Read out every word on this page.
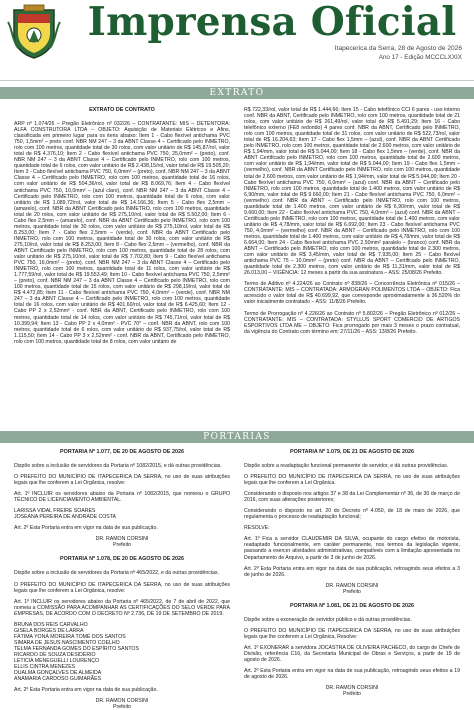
Imprensa Oficial
Itapecerica da Serra, 28 de Agosto de 2026
Ano 17 - Edição MCCCLXXIX
EXTRATO

EXTRATO DE CONTRATO

ARP nº 1.074/26 – Pregão Eletrônico nº 032/26 – CONTRATANTE: MIS – DETENTORA: ALFA CONSTRUTORA LTDA – OBJETO: Aquisição de Materiais Elétricos e Afins, classificada em primeiro lugar para os itens abaixo: Item 1 - Cabo flexível antichama PVC 750, 1,5mm² – preto conf. NBR NM 247 – 3 da ABNT Classe 4 – Certificado pelo INMETRO, rolo com 100 metros, quantidade total de 30 rolos, com valor unitário de R$ 145,87/rol, valor total de R$ 4.376,10; Item 2 - Cabo flexível antichama PVC 750, 25,0mm² – (preto), conf. NBR NM 247 – 3 da ABNT Classe 4 – Certificado pelo INMETRO, rolo com 100 metros, quantidade total de 6 rolos, com valor unitário de R$ 2.438,15/rol, valor total de R$ 19.505,20; Item 3 - Cabo flexível antichama PVC 750, 6,0mm² – (preto), conf. NBR NM 247 – 3 da ABNT Classe 4 – Certificado pelo INMETRO, rolo com 100 metros, quantidade total de 16 rolos, com valor unitário de R$ 504,36/rol, valor total de R$ 8.069,76; Item 4 - Cabo flexível antichama PVC 750, 10,0mm² – (azul claro), conf. NBR NM 247 – 3 da ABNT Classe 4 – Certificado pelo INMETRO, rolo com 100 metros, quantidade total de 6 rolos, com valor unitário de R$ 1.089,72/rol, valor total de R$ 14.166,36; Item 5 - Cabo flex 2,5mm – (amarelo), conf. NBR da ABNT Certificado pelo INMETRO, rolo com 100 metros, quantidade total de 20 rolos, com valor unitário de R$ 275,10/rol, valor total de R$ 5.502,00; Item 6 - Cabo flex 2,5mm – (amarelo), conf. NBR da ABNT Certificado pelo INMETRO, rolo com 100 metros, quantidade total de 30 rolos, com valor unitário de R$ 275,10/rol, valor total de R$ 8.253,00; Item 7 - Cabo flex 2,5mm – (verde), conf. NBR da ABNT Certificado pelo INMETRO, rolo com 100 metros, quantidade total de 30 rolos, com valor unitário de R$ 275,10/rol, valor total de R$ 8.253,00; Item 8 - Cabo flex 2,5mm – (vermelho), conf. NBR da ABNT Certificado pelo INMETRO, rolo com 100 metros, quantidade total de 28 rolos, com valor unitário de R$ 275,10/rol, valor total de R$ 7.702,80; Item 9 - Cabo flexível antichama PVC 750, 16,0mm² – (preto), conf. NBR NM 247 – 3 da ABNT Classe 4 – Certificado pelo INMETRO, rolo com 100 metros, quantidade total de 11 rolos, com valor unitário de R$ 1.777,59/rol, valor total de R$ 19.553,49; Item 10 - Cabo flexível antichama PVC 750, 2,5mm² – (preto), conf. NBR NM 247 – 3 da ABNT Classe 4 – Certificado pelo INMETRO, rolo com 100 metros, quantidade total de 15 rolos, com valor unitário de R$ 298,19/rol, valor total de R$ 4.472,85; Item 11 - Cabo flexível antichama PVC 750, 4,0mm² – (verde), conf. NBR NM 247 – 3 da ABNT Classe 4 – Certificado pelo INMETRO, rolo com 100 metros, quantidade total de 16 rolos, com valor unitário de R$ 401,60/rol, valor total de R$ 6.425,60; Item 12 - Cabo PP 2 x 2,52mm² - conf. NBR da ABNT, Certificado pelo INMETRO, rolo com 100 metros, quantidade total de 14 rolos, com valor unitário de R$ 745,71/rol, valor total de R$ 10.399,94; Item 13 - Cabo PP 2 x 4,0mm² - PVC 70° – conf. NBR da ABNT, rolo com 100 metros, quantidade total de 6 rolos, com valor unitário de R$ 937,75/rol, valor total de R$ 1.115,50; Item 14 - Cabo PP 3 x 2,52mm² - conf. NBR da ABNT, Certificado pelo INMETRO, rolo com 100 metros, quantidade total de 8 rolos, com valor unitário de

R$ 722,33/rol, valor total de R$ 1.444,66; Item 15 - Cabo telefônico CCI 6 pares - uso interno conf. NBR da ABNT, Certificado pelo INMETRO, rolo com 100 metros, quantidade total de 21 rolos, com valor unitário de R$ 261,49/rol, valor total de R$ 5.491,29; Item 16 - Cabo telefônico externo (FE8 redondo) 4 pares conf. NBR da ABNT, Certificado pelo INMETRO, rolo com 100 metros, quantidade total de 31 rolos, com valor unitário de R$ 522,73/rol, valor total de R$ 16.204,63; Item 17 - Cabo flex 1,5mm – (azul), conf. NBR da ABNT Certificado pelo INMETRO, rolo com 100 metros, quantidade total de 2.600 metros, com valor unitário de R$ 1,94/mm, valor total de R$ 5.044,00; Item 18 - Cabo flex 1,5mm – (verde), conf. NBR da ABNT Certificado pelo INMETRO, rolo com 100 metros, quantidade total de 2.600 metros, com valor unitário de R$ 1,94/mm, valor total de R$ 5.044,00; Item 19 - Cabo flex 1,5mm – (vermelho), conf. NBR da ABNT Certificado pelo INMETRO, rolo com 100 metros, quantidade total de 2.600 metros, com valor unitário de R$ 1,94/mm, valor total de R$ 5.044,00; Item 20 - Cabo flexível antichama PVC 750, 6,0mm² – (azul) conf. NBR da ABNT – Certificado pelo INMETRO, rolo com 100 metros, quantidade total de 1.400 metros, com valor unitário de R$ 6,90/mm, valor total de R$ 9.660,00; Item 21 - Cabo flexível antichama PVC 750, 6,0mm² – (vermelho) conf. NBR da ABNT – Certificado pelo INMETRO, rolo com 100 metros, quantidade total de 1.400 metros, com valor unitário de R$ 6,90/mm, valor total de R$ 9.660,00; Item 22 - Cabo flexível antichama PVC 750, 4,0mm² – (azul) conf. NBR da ABNT – Certificado pelo INMETRO, rolo com 100 metros, quantidade total de 1.400 metros, com valor unitário de R$ 4,78/mm, valor total de R$ 6.692,00; Item 23 - Cabo flexível antichama PVC 750, 4,0mm² – (vermelho) conf. NBR da ABNT – Certificado pelo INMETRO, rolo com 100 metros, quantidade total de 1.400 metros, com valor unitário de R$ 4,78/mm, valor total de R$ 6.664,00; Item 24 - Cabo flexível antichama PVC 2,50mm² paralelo – (branco) conf. NBR da ABNT – Certificado pelo INMETRO, rolo com 100 metros, quantidade total de 2.300 metros, com valor unitário de R$ 3,45/mm, valor total de R$ 7.935,00; Item 25 - Cabo flexível antichama PVC 75 – 10,0mm² – (preto) conf. NBR da ABNT – Certificado pelo INMETRO, quantidade total de 2.300 metros, com valor unitário de R$ 11,31/mm, valor total de R$ 26.013,00 – VIGÊNCIA: 12 meses a partir da sua assinatura – ASS: 25/08/26 Prefeito.

Termo de Aditivo nº 4.224/26 ao Contrato nº 838/26 – Concorrência Eletrônica nº 015/26 – CONTRATANTE: MIS – CONTRATADA: ARMOGRAN POLIMENTOS LTDA – OBJETO: Fica acrescido o valor total de R$ 40.699,92, que corresponde aproximadamente à 36,520% do valor inicialmente contratado – ASS: 11/8/26 Prefeito.

Termo de Prorrogação nº 4.226/26 ao Contrato nº 5.802/26 – Pregão Eletrônico nº 012/26 – CONTRATANTE: MIS – CONTRATADA: STYLLUS SPORT COMERCIO DE ARTIGOS ESPORTIVOS LTDA ME – OBJETO: Fica prorrogado por mais 3 meses o prazo contratual, da vigência do Contrato com término em: 27/11/26 – ASS: 13/8/26 Prefeito.

PORTARIAS

PORTARIA Nº 1.077, DE 20 DE AGOSTO DE 2026

Dispõe sobre a inclusão de servidores da Portaria nº 1082/2015, e dá outras providências.

O PREFEITO DO MUNICÍPIO DE ITAPECERICA DA SERRA, no uso de suas atribuições legais que lhe conferem a Lei Orgânica, resolve:

Art. 1º INCLUIR os servidores abaixo da Portaria nº 1082/2015, que nomeou o GRUPO TÉCNICO DE LICENCIAMENTO AMBIENTAL.

LARISSA VIDAL FREIRE SOARES
JOSEANA PEREIRA DE ANDRADE COSTA

Art. 2º Esta Portaria entra em vigor na data de sua publicação.

DR. RAMON CORSINI
Prefeito

PORTARIA Nº 1.078, DE 20 DE AGOSTO DE 2026

Dispõe sobre a inclusão de servidores da Portaria nº 465/2022, e dá outras providências.

O PREFEITO DO MUNICÍPIO DE ITAPECERICA DA SERRA, no uso de suas atribuições legais que lhe conferem a Lei Orgânica, resolve:

Art. 1º INCLUIR os servidores abaixo da Portaria nº 465/2022, de 7 de abril de 2022, que nomeia a COMISSÃO PARA ACOMPANHAR AS CERTIFICAÇÕES DO SELO VERDE PARA EMPRESAS, DE ACORDO COM O DECRETO Nº 2.736, DE 19 DE SETEMBRO DE 2019.

BRUNA DOS REIS CARVALHO
GISELA BORGES DE LARRA
FÁTIMA YONÁ MOREIRA TOMÉ DOS SANTOS
SIMARA DE JESUS NASCIMENTO COELHO
TELMA FERNANDA GOMES DO ESPÍRITO SANTOS
RICARDO DE SOUZA DESIDÉRIO
LETICIA MENEGUELLI LOURENÇO
ELLIS CINTRA MENEZES
DUALMA GONÇALVES DE ALMEIDA
ANAMARIA CARDOSO GUIMARÃES

Art. 2º Esta Portaria entra em vigor na data de sua publicação.

DR. RAMON CORSINI
Prefeito

PORTARIA Nº 1.079, DE 21 DE AGOSTO DE 2026

Dispõe sobre a readaptação funcional permanente de servidor, e dá outras providências.

O PREFEITO DO MUNICÍPIO DE ITAPECERICA DA SERRA, no uso de suas atribuições legais que lhe conferem a Lei Orgânica.

Considerando o disposto nos artigos 37 e 38 da Lei Complementar nº 36, de 30 de março de 2016, com suas alterações posteriores;

Considerando o disposto no art. 20 do Decreto nº 4.050, de 18 de maio de 2026, que regulamenta o processo de readaptação funcional;

RESOLVE:

Art. 1º Fica a servidor CLAUDEMIR DA SILVA, ocupante do cargo efetivo de motorista, readaptado funcionalmente, em caráter permanente, nos termos da legislação vigente, passando a exercer atividades administrativas, compatíveis com a limitação apresentada no Departamento de Arquivo, a partir de 3 de junho de 2026.

Art. 2º Esta Portaria entra em vigor na data de sua publicação, retroagindo seus efeitos a 3 de junho de 2026.

DR. RAMON CORSINI
Prefeito

PORTARIA Nº 1.081, DE 21 DE AGOSTO DE 2026

Dispõe sobre a exoneração de servidor público e dá outras providências.

O PREFEITO DO MUNICÍPIO DE ITAPECERICA DA SERRA, no uso de suas atribuições legais que lhe conferem a Lei Orgânica, Resolve:

Art. 1º EXONERAR a servidora JOCASTRA DE OLIVEIRA PACHECO, do cargo de Chefe de Divisão, referência C16, da Secretaria Municipal de Obras e Serviços, a partir de 19 de agosto de 2026.

Art. 2º Esta Portaria entra em vigor na data de sua publicação, retroagindo seus efeitos a 19 de agosto de 2026.

DR. RAMON CORSINI
Prefeito
